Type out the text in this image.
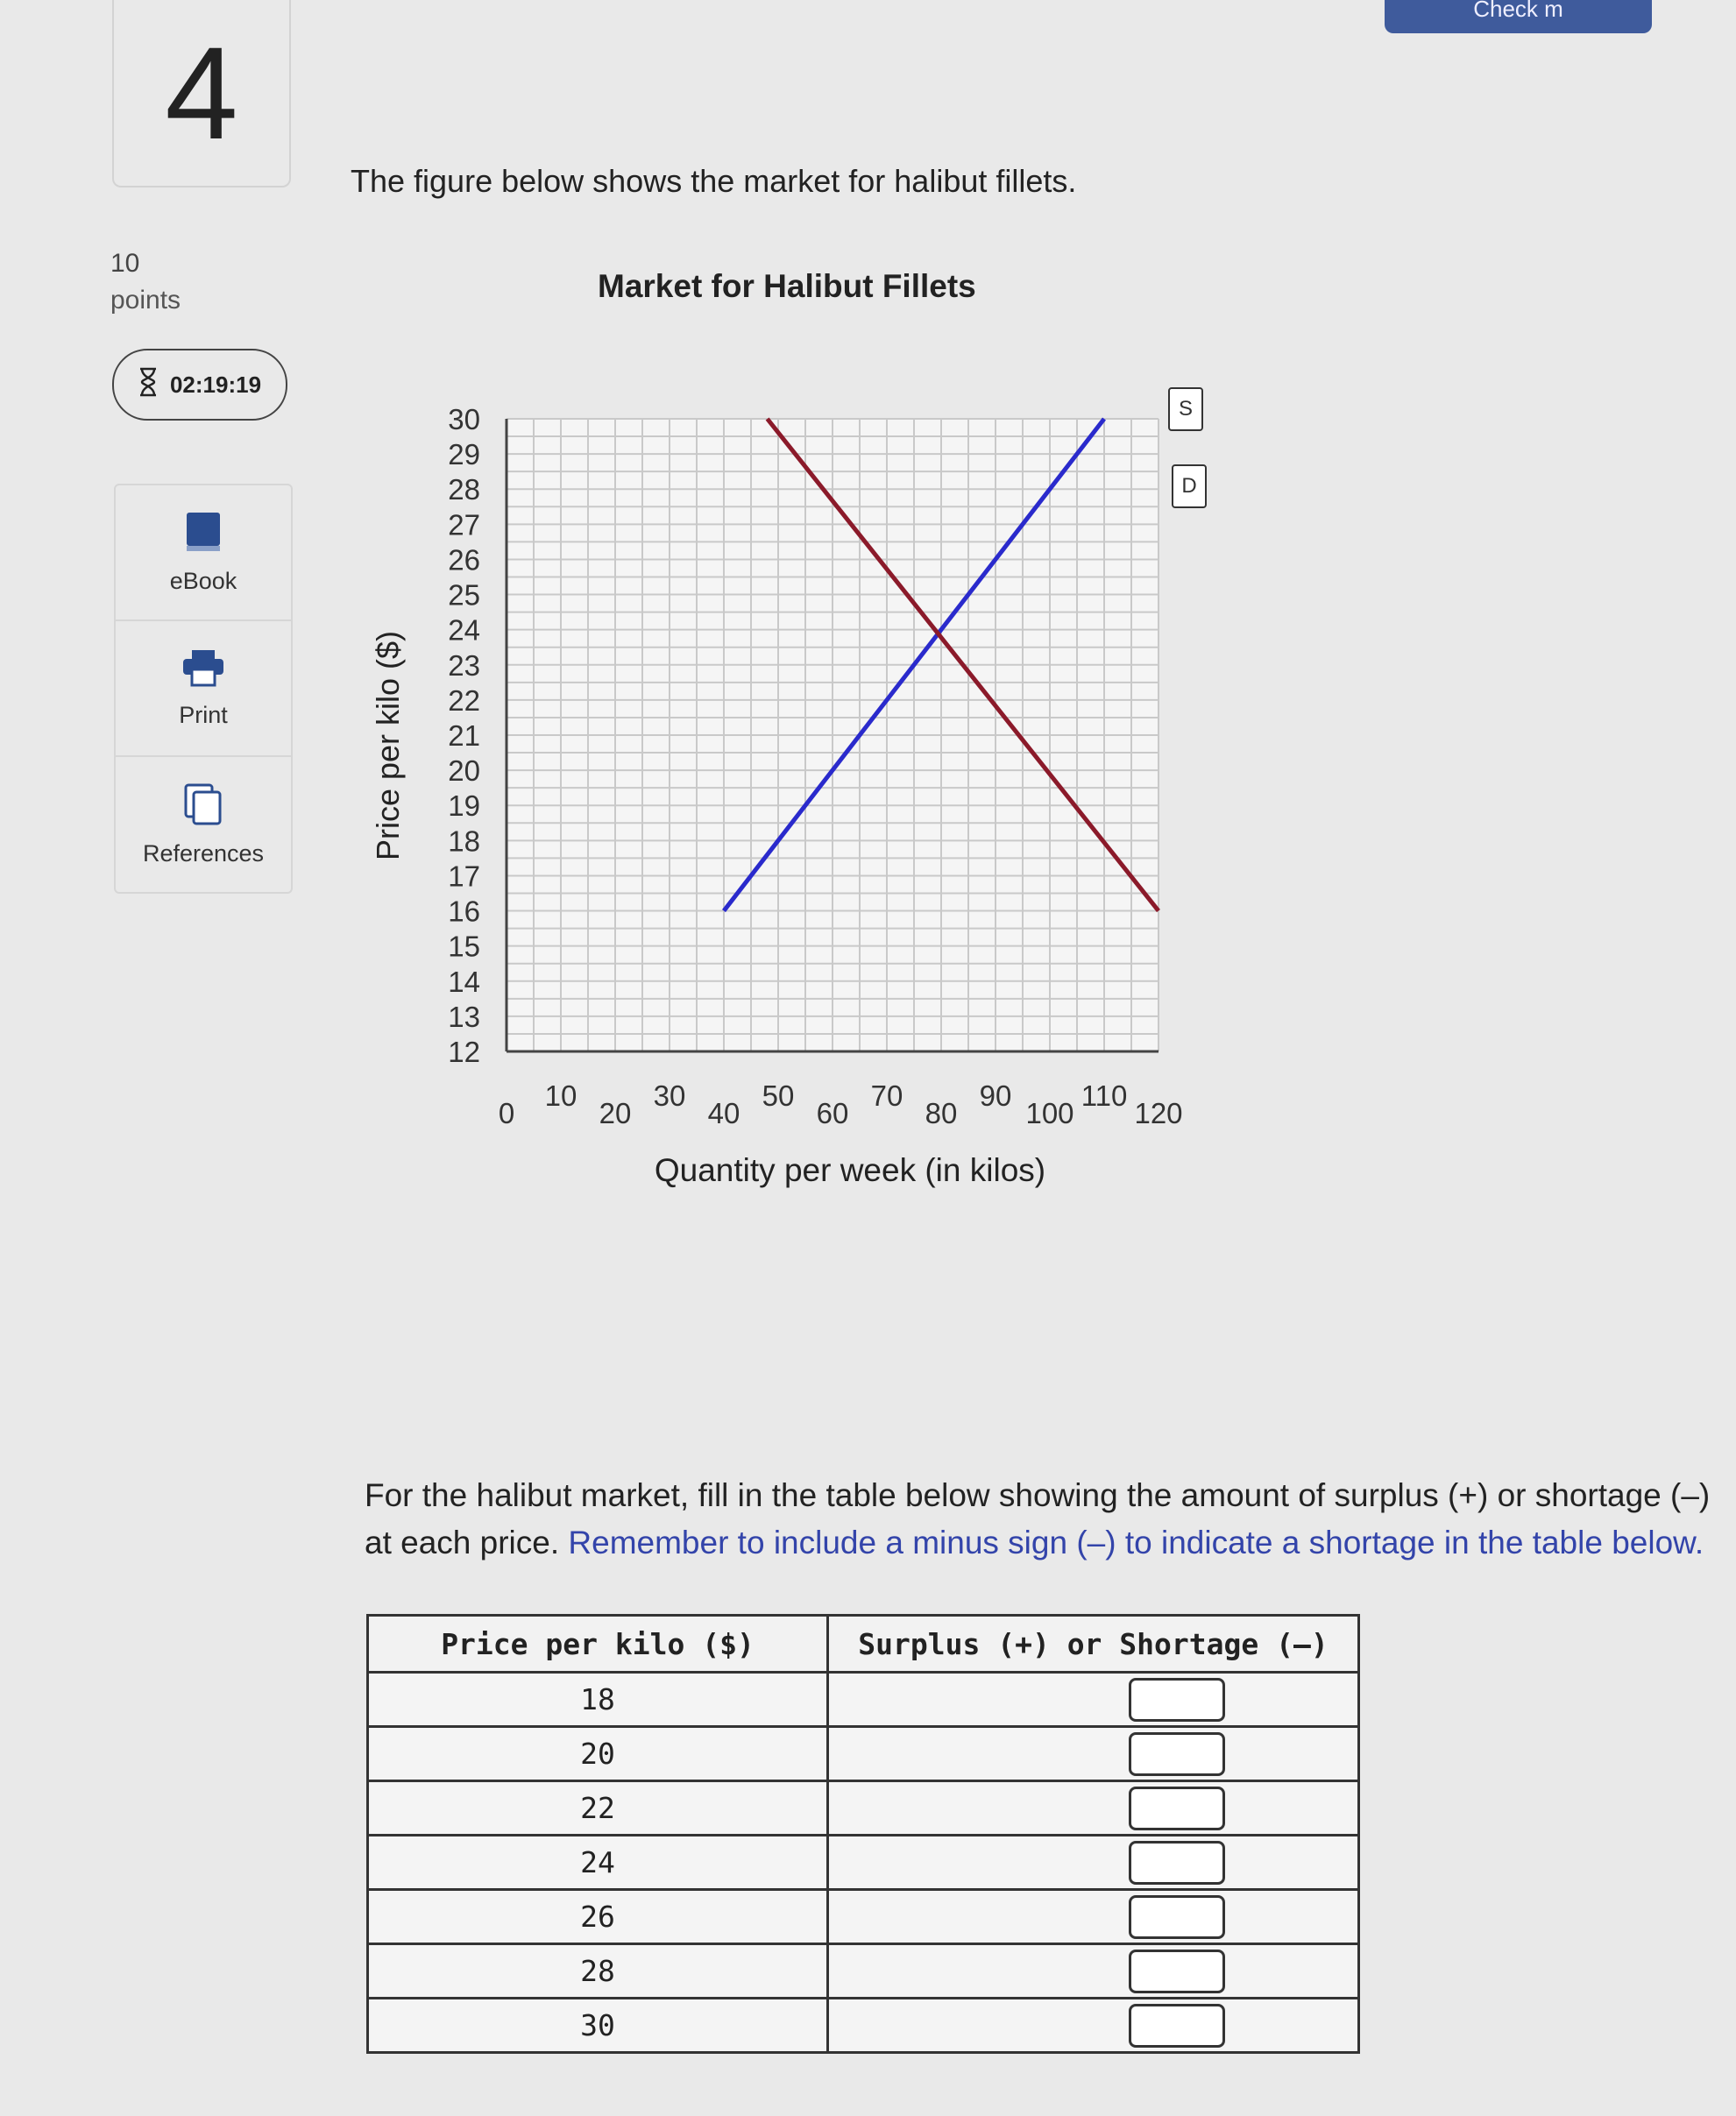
Check m
4
10
points
02:19:19
eBook
Print
References
The figure below shows the market for halibut fillets.
Market for Halibut Fillets
12
13
14
15
16
17
18
19
20
21
22
23
24
25
26
27
28
29
30
0
10
20
30
40
50
60
70
80
90
100
110
120
Price per kilo ($)
Quantity per week (in kilos)
S
D
For the halibut market, fill in the table below showing the amount of surplus (+) or shortage (–) at each price. Remember to include a minus sign (–) to indicate a shortage in the table below.
Price per kilo ($)	Surplus (+) or Shortage (–)
18	
20	
22	
24	
26	
28	
30	
